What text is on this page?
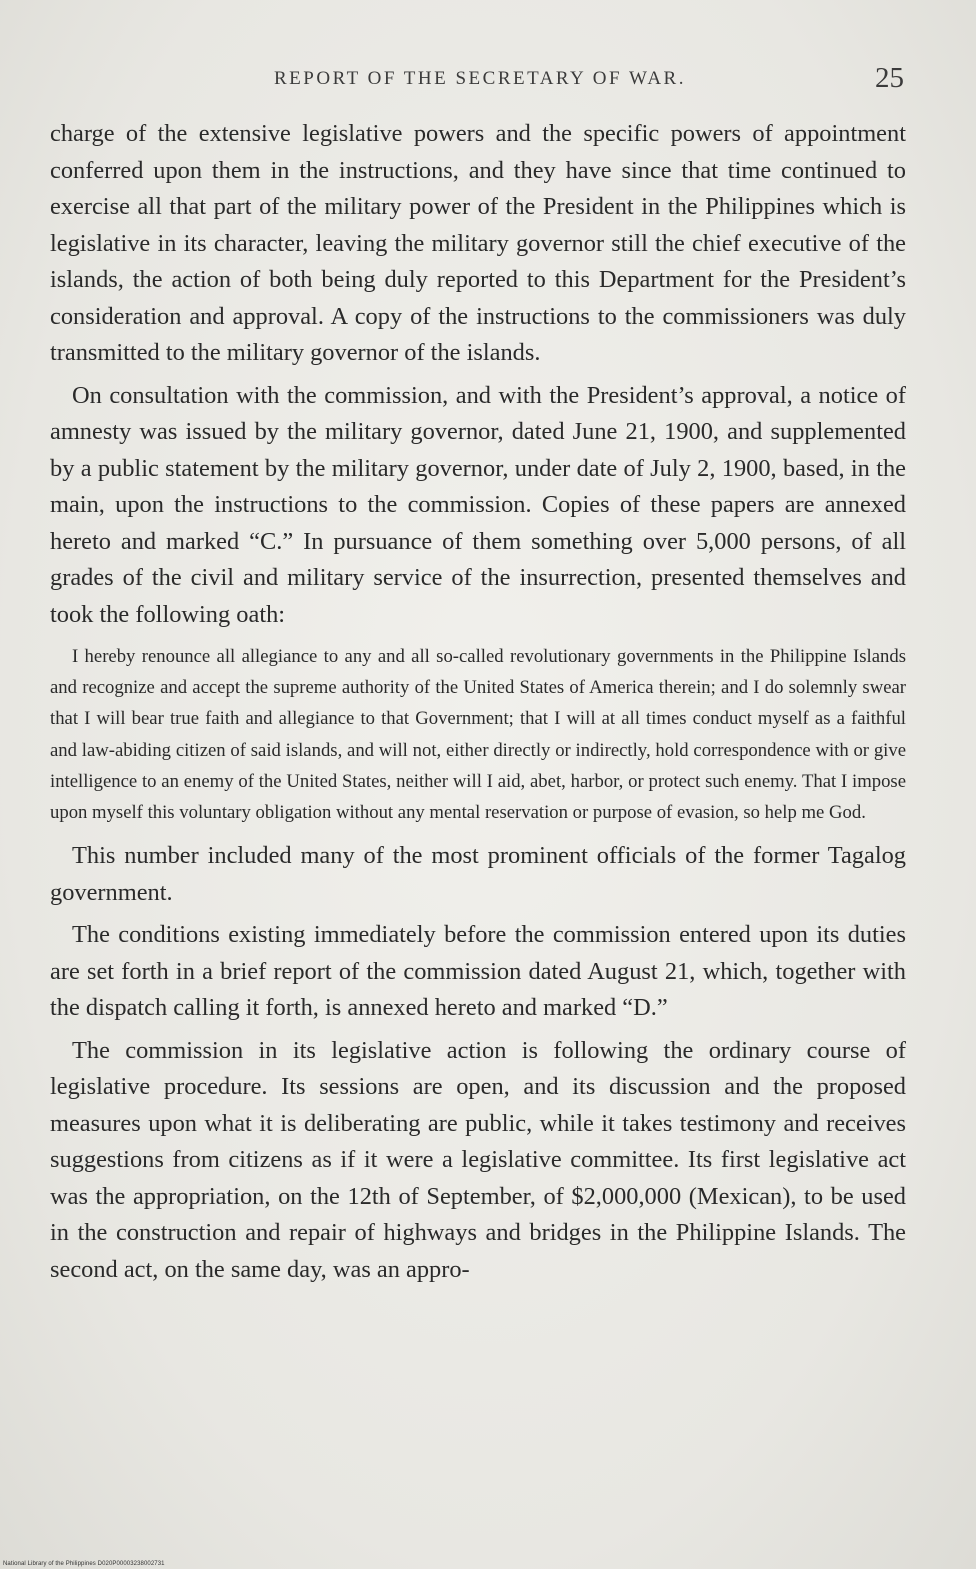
REPORT OF THE SECRETARY OF WAR.	25

charge of the extensive legislative powers and the specific powers of appointment conferred upon them in the instructions, and they have since that time continued to exercise all that part of the military power of the President in the Philippines which is legislative in its character, leaving the military governor still the chief executive of the islands, the action of both being duly reported to this Department for the President’s consideration and approval. A copy of the instructions to the commissioners was duly transmitted to the military governor of the islands.

On consultation with the commission, and with the President’s approval, a notice of amnesty was issued by the military governor, dated June 21, 1900, and supplemented by a public statement by the military governor, under date of July 2, 1900, based, in the main, upon the instructions to the commission. Copies of these papers are annexed hereto and marked “C.” In pursuance of them something over 5,000 persons, of all grades of the civil and military service of the insurrection, presented themselves and took the following oath:

I hereby renounce all allegiance to any and all so-called revolutionary governments in the Philippine Islands and recognize and accept the supreme authority of the United States of America therein; and I do solemnly swear that I will bear true faith and allegiance to that Government; that I will at all times conduct myself as a faithful and law-abiding citizen of said islands, and will not, either directly or indirectly, hold correspondence with or give intelligence to an enemy of the United States, neither will I aid, abet, harbor, or protect such enemy. That I impose upon myself this voluntary obligation without any mental reservation or purpose of evasion, so help me God.

This number included many of the most prominent officials of the former Tagalog government.

The conditions existing immediately before the commission entered upon its duties are set forth in a brief report of the commission dated August 21, which, together with the dispatch calling it forth, is annexed hereto and marked “D.”

The commission in its legislative action is following the ordinary course of legislative procedure. Its sessions are open, and its discussion and the proposed measures upon what it is deliberating are public, while it takes testimony and receives suggestions from citizens as if it were a legislative committee. Its first legislative act was the appropriation, on the 12th of September, of $2,000,000 (Mexican), to be used in the construction and repair of highways and bridges in the Philippine Islands. The second act, on the same day, was an appro-

National Library of the Philippines D020P00003238002731
